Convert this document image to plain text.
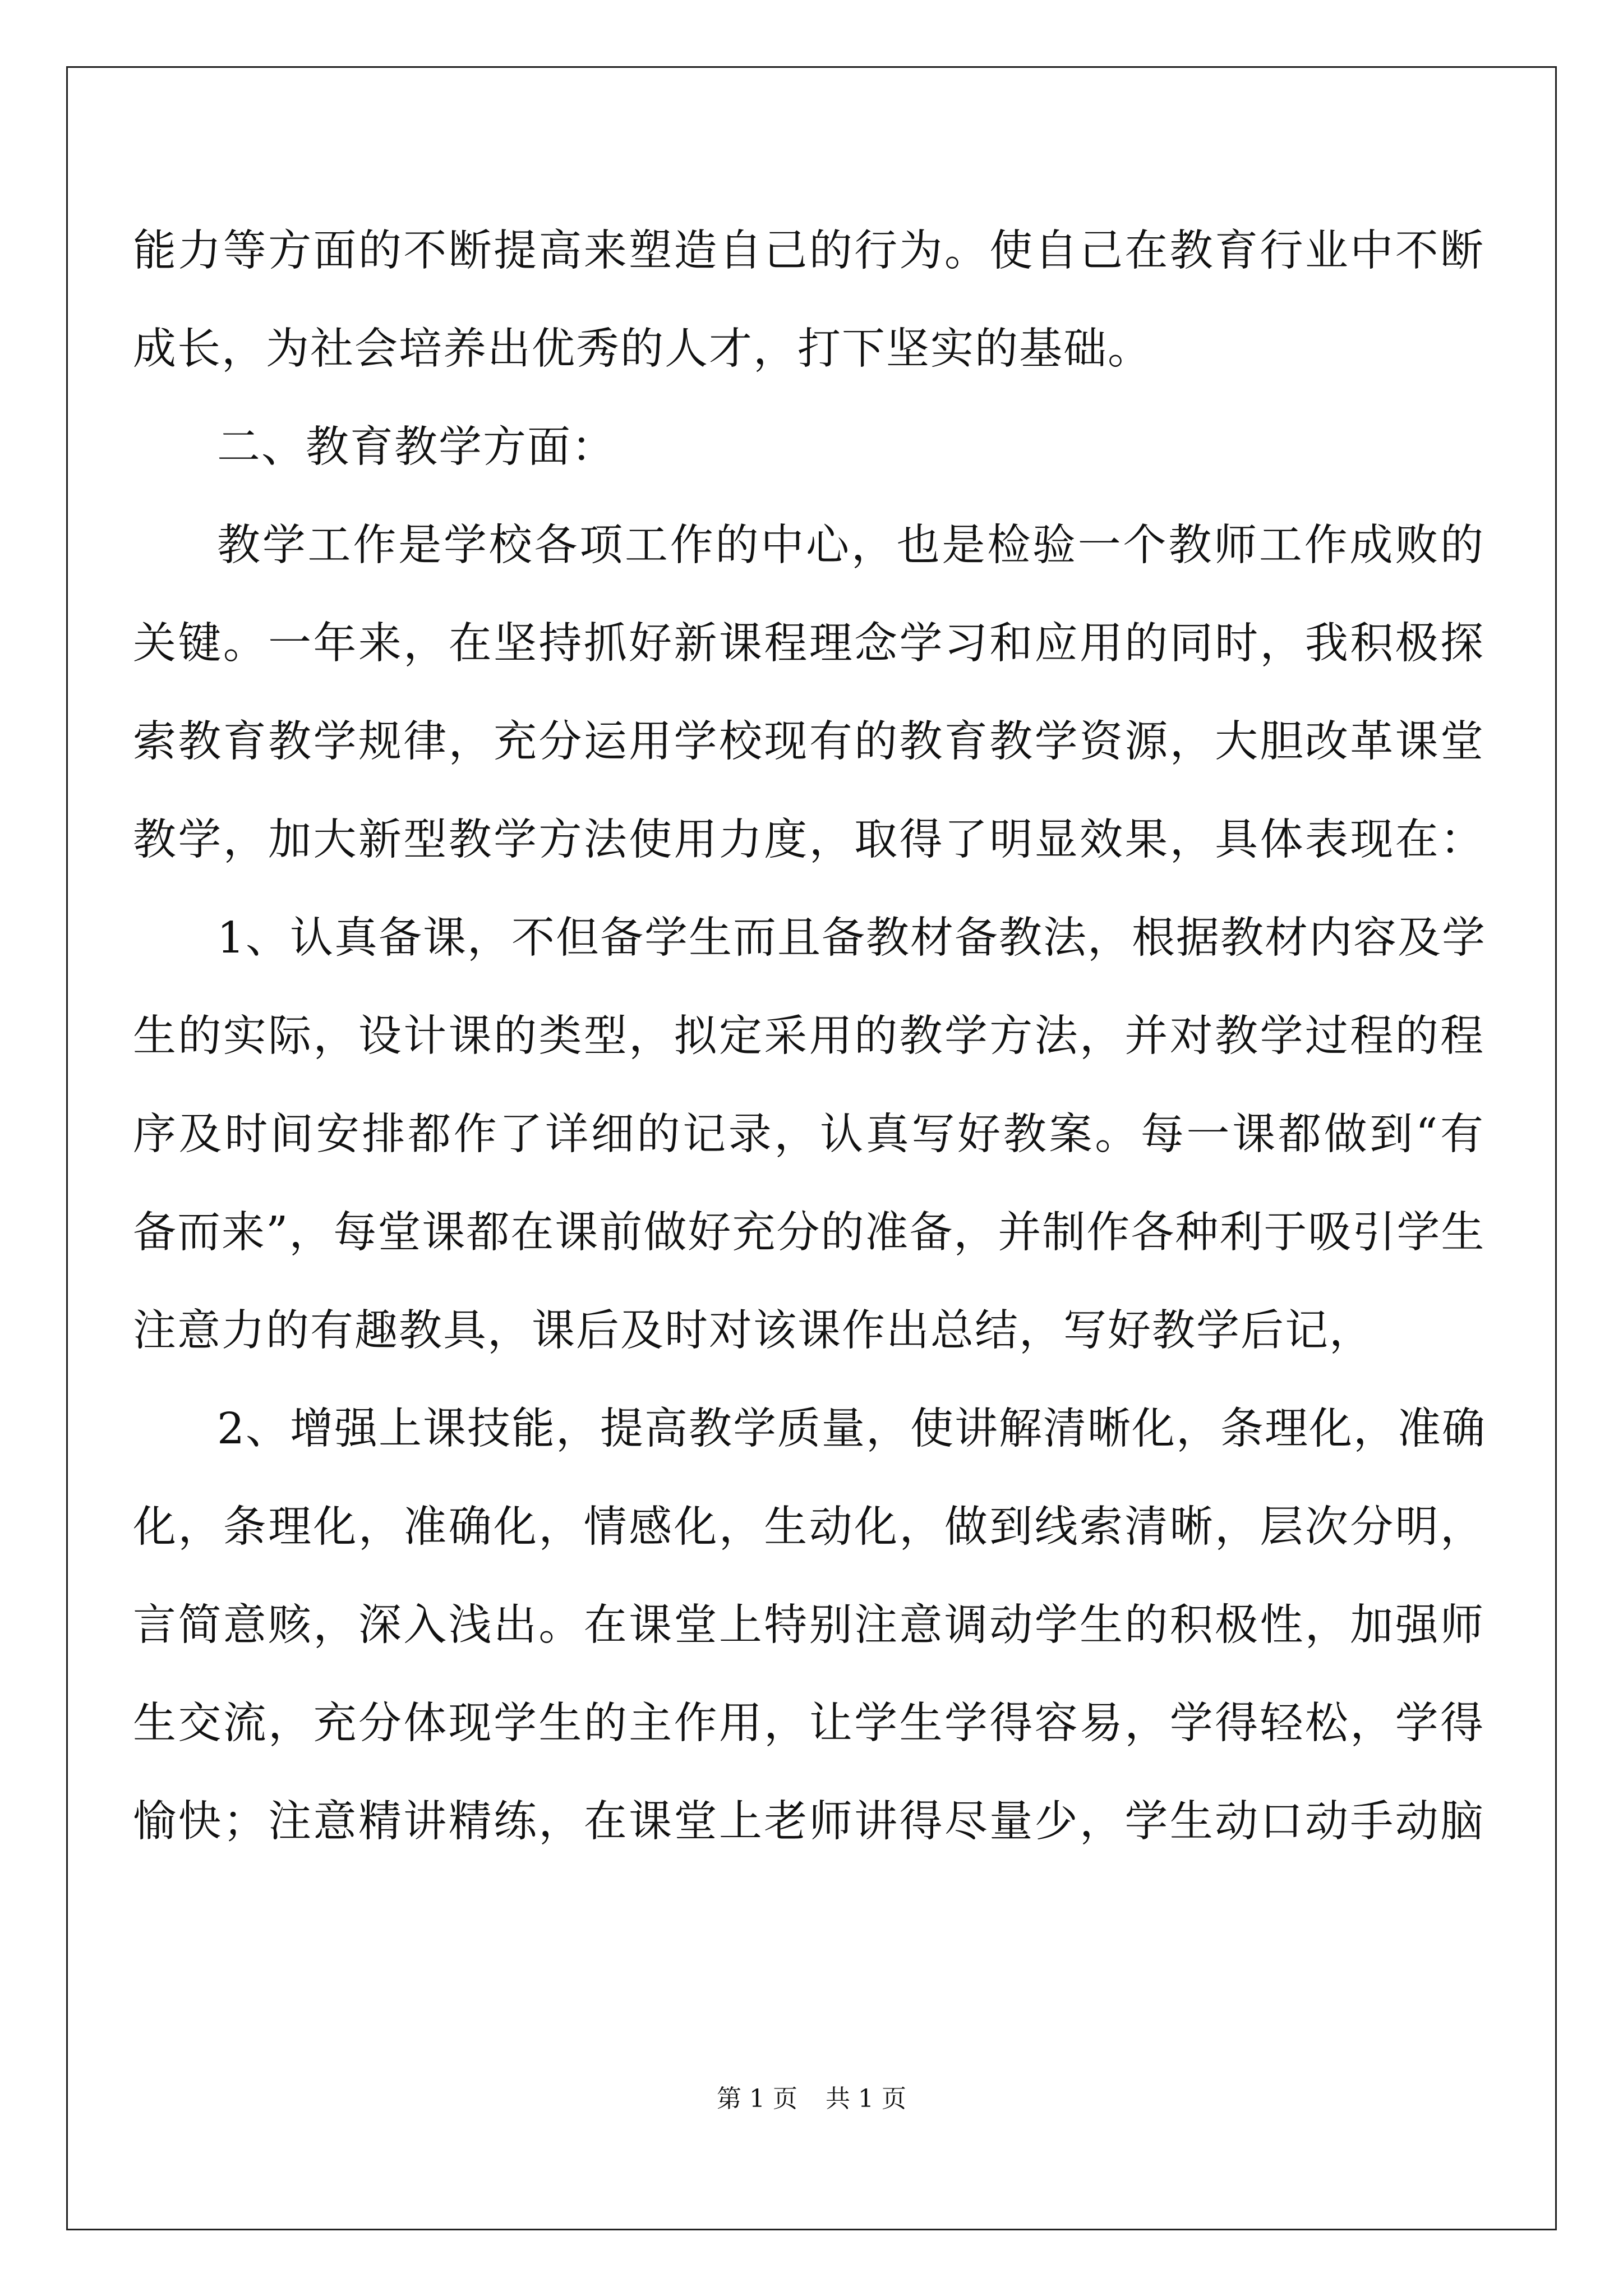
能力等方面的不断提高来塑造自己的行为。使自己在教育行业中不断
成长，为社会培养出优秀的人才，打下坚实的基础。
二、教育教学方面：
教学工作是学校各项工作的中心，也是检验一个教师工作成败的
关键。一年来，在坚持抓好新课程理念学习和应用的同时，我积极探
索教育教学规律，充分运用学校现有的教育教学资源，大胆改革课堂
教学，加大新型教学方法使用力度，取得了明显效果，具体表现在：
1、认真备课，不但备学生而且备教材备教法，根据教材内容及学
生的实际，设计课的类型，拟定采用的教学方法，并对教学过程的程
序及时间安排都作了详细的记录，认真写好教案。每一课都做到“有
备而来”，每堂课都在课前做好充分的准备，并制作各种利于吸引学生
注意力的有趣教具，课后及时对该课作出总结，写好教学后记，
2、增强上课技能，提高教学质量，使讲解清晰化，条理化，准确
化，条理化，准确化，情感化，生动化，做到线索清晰，层次分明，
言简意赅，深入浅出。在课堂上特别注意调动学生的积极性，加强师
生交流，充分体现学生的主作用，让学生学得容易，学得轻松，学得
愉快；注意精讲精练，在课堂上老师讲得尽量少，学生动口动手动脑
第 1 页 共 1 页
